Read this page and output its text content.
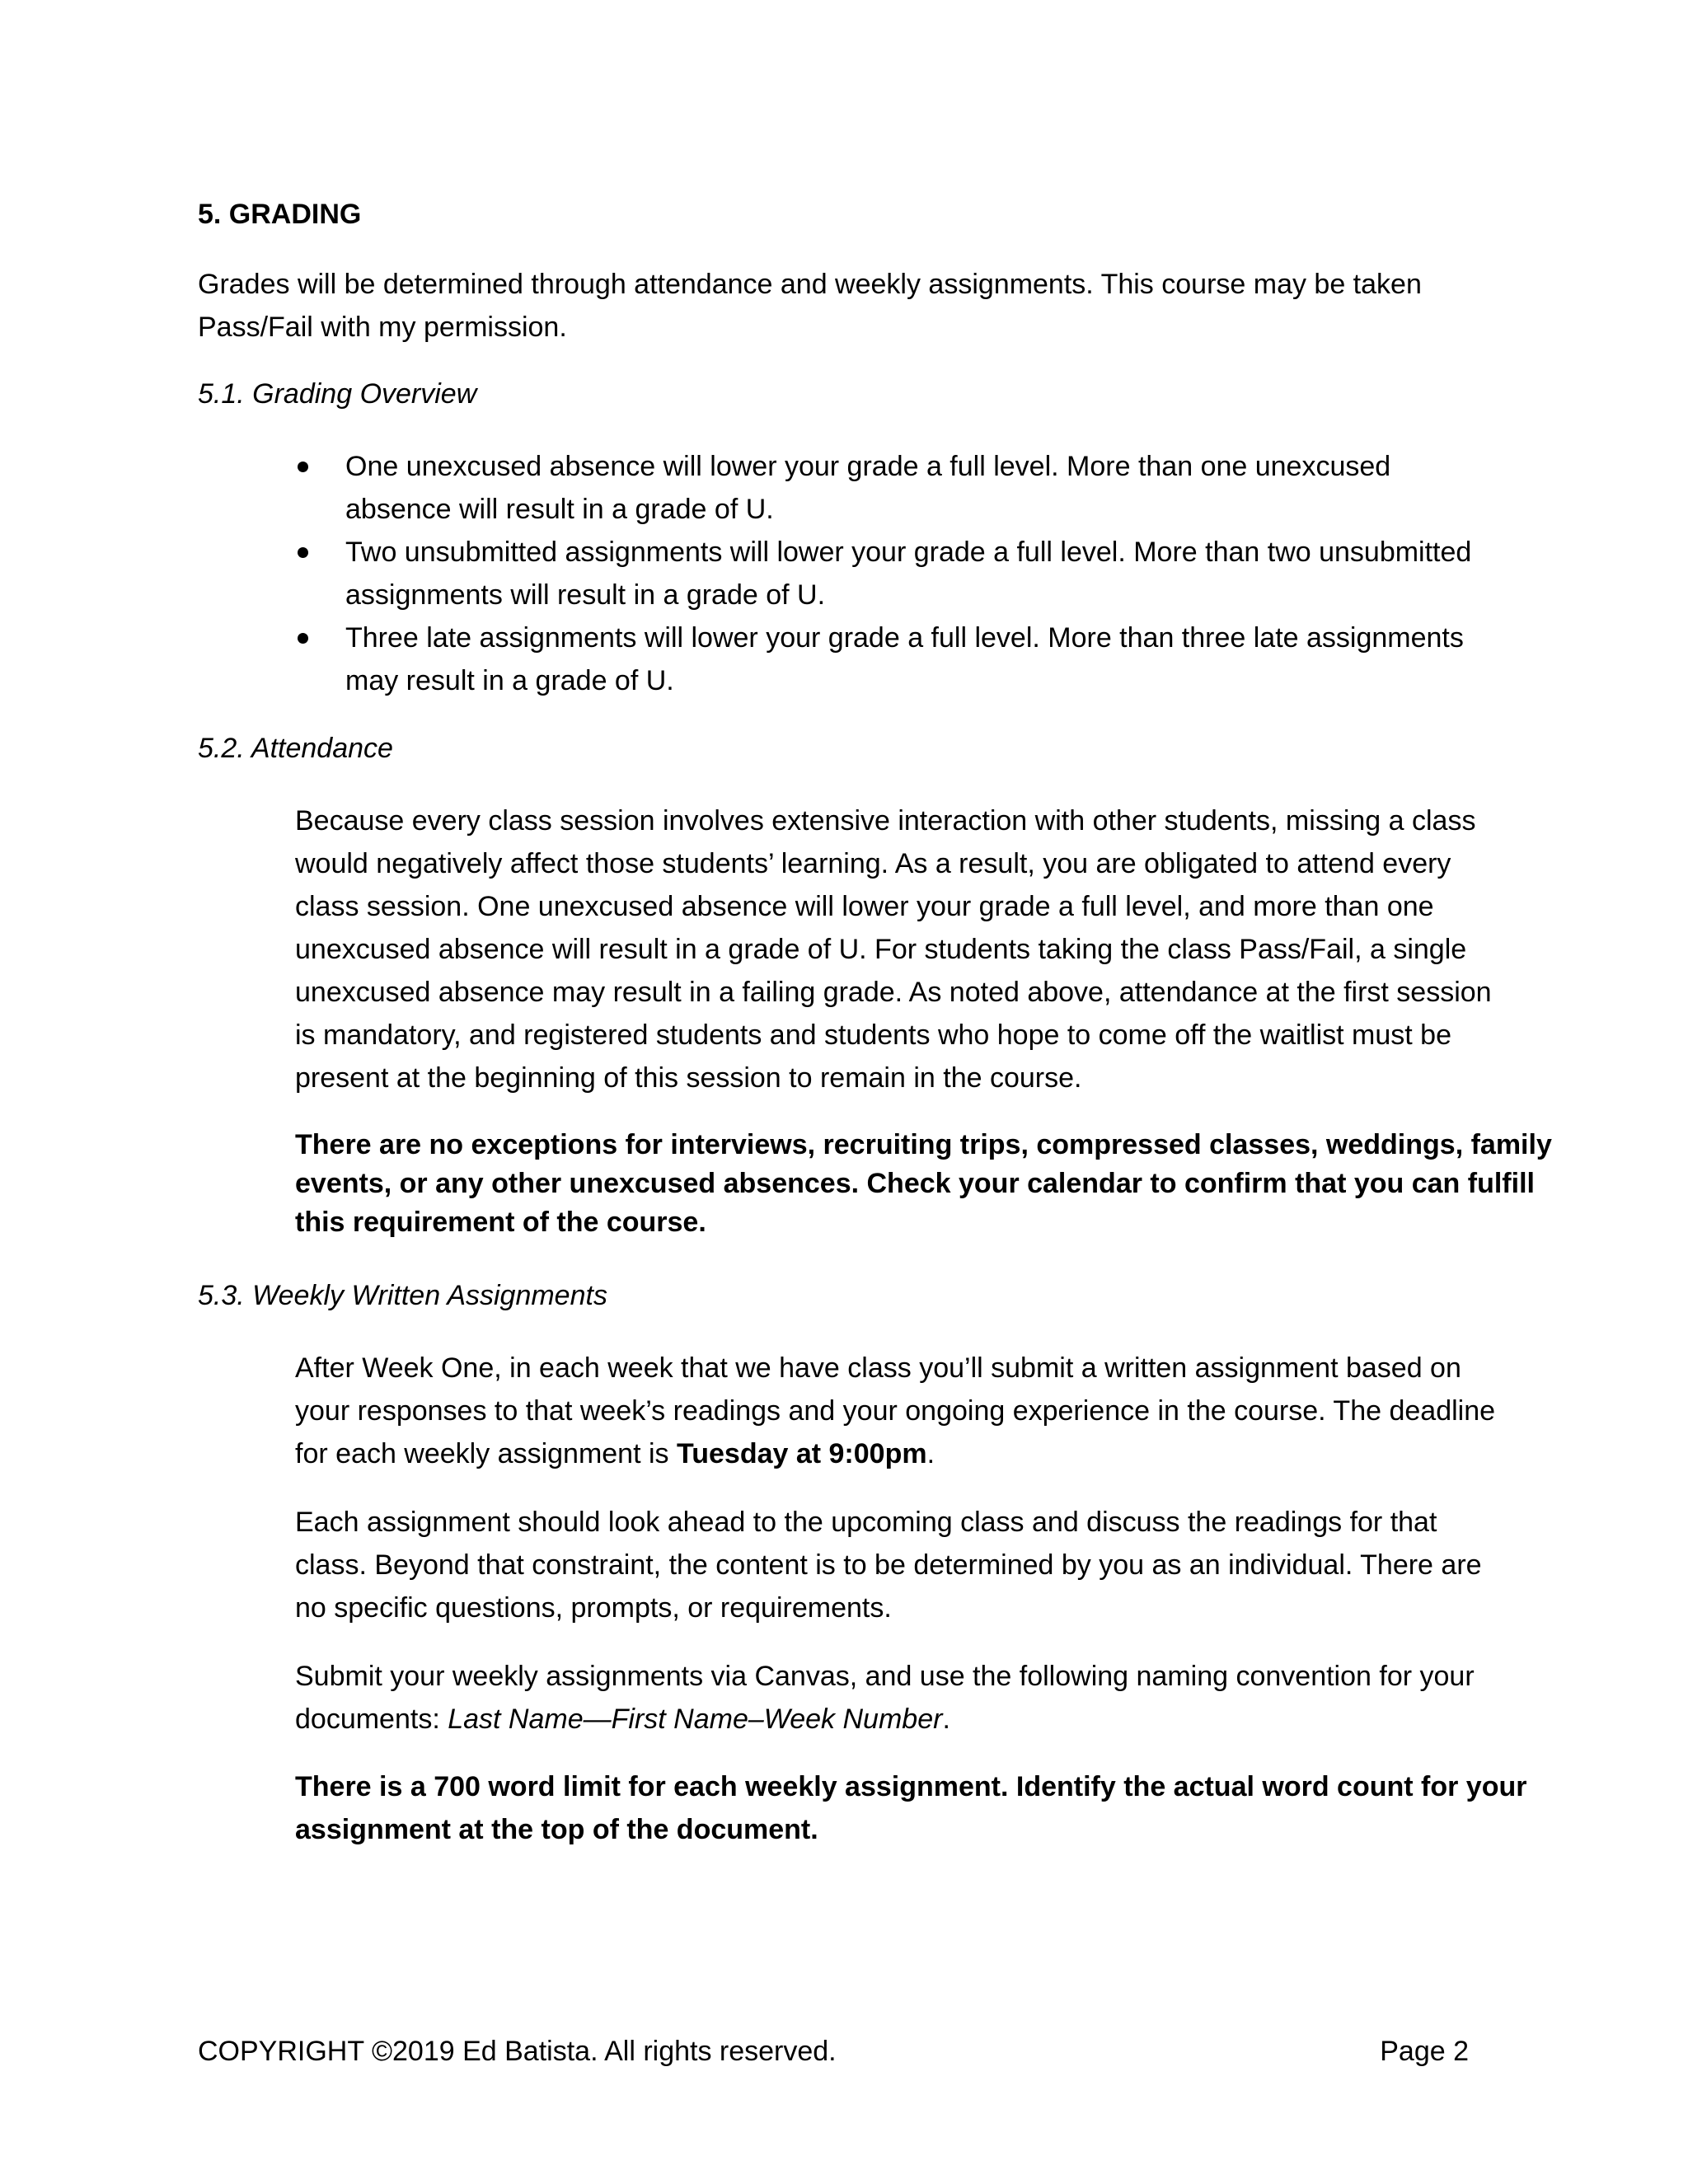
5. GRADING
Grades will be determined through attendance and weekly assignments. This course may be taken
Pass/Fail with my permission.
5.1. Grading Overview
One unexcused absence will lower your grade a full level. More than one unexcused
absence will result in a grade of U.
Two unsubmitted assignments will lower your grade a full level. More than two unsubmitted
assignments will result in a grade of U.
Three late assignments will lower your grade a full level. More than three late assignments
may result in a grade of U.
5.2. Attendance
Because every class session involves extensive interaction with other students, missing a class
would negatively affect those students’ learning. As a result, you are obligated to attend every
class session. One unexcused absence will lower your grade a full level, and more than one
unexcused absence will result in a grade of U. For students taking the class Pass/Fail, a single
unexcused absence may result in a failing grade. As noted above, attendance at the first session
is mandatory, and registered students and students who hope to come off the waitlist must be
present at the beginning of this session to remain in the course.
There are no exceptions for interviews, recruiting trips, compressed classes, weddings, family
events, or any other unexcused absences. Check your calendar to confirm that you can fulfill
this requirement of the course.
5.3. Weekly Written Assignments
After Week One, in each week that we have class you’ll submit a written assignment based on
your responses to that week’s readings and your ongoing experience in the course. The deadline
for each weekly assignment is Tuesday at 9:00pm.
Each assignment should look ahead to the upcoming class and discuss the readings for that
class. Beyond that constraint, the content is to be determined by you as an individual. There are
no specific questions, prompts, or requirements.
Submit your weekly assignments via Canvas, and use the following naming convention for your
documents: Last Name—First Name–Week Number.
There is a 700 word limit for each weekly assignment. Identify the actual word count for your
assignment at the top of the document.
COPYRIGHT ©2019 Ed Batista. All rights reserved.	Page 2
